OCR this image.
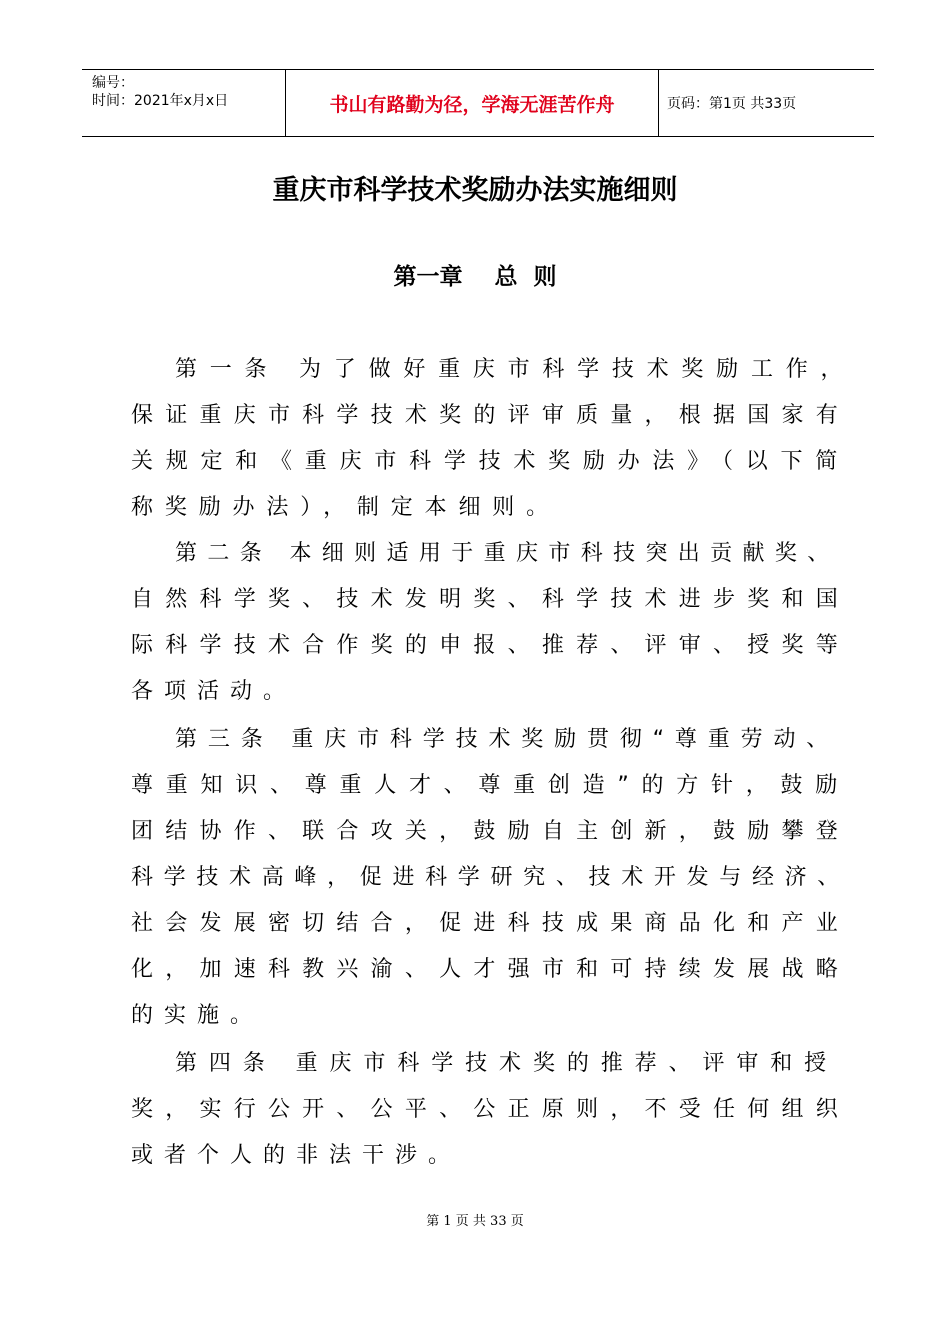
编号：
时间：2021年x月x日	书山有路勤为径，学海无涯苦作舟	页码：第1页 共33页
重庆市科学技术奖励办法实施细则
第一章    总  则
第一条 为了做好重庆市科学技术奖励工作，
保证重庆市科学技术奖的评审质量，根据国家有
关规定和《重庆市科学技术奖励办法》（以下简
称奖励办法），制定本细则。
第二条 本细则适用于重庆市科技突出贡献奖、
自然科学奖、技术发明奖、科学技术进步奖和国
际科学技术合作奖的申报、推荐、评审、授奖等
各项活动。
第三条 重庆市科学技术奖励贯彻“尊重劳动、
尊重知识、尊重人才、尊重创造”的方针，鼓励
团结协作、联合攻关，鼓励自主创新，鼓励攀登
科学技术高峰，促进科学研究、技术开发与经济、
社会发展密切结合，促进科技成果商品化和产业
化，加速科教兴渝、人才强市和可持续发展战略
的实施。
第四条 重庆市科学技术奖的推荐、评审和授
奖，实行公开、公平、公正原则，不受任何组织
或者个人的非法干涉。
第 1 页 共 33 页
